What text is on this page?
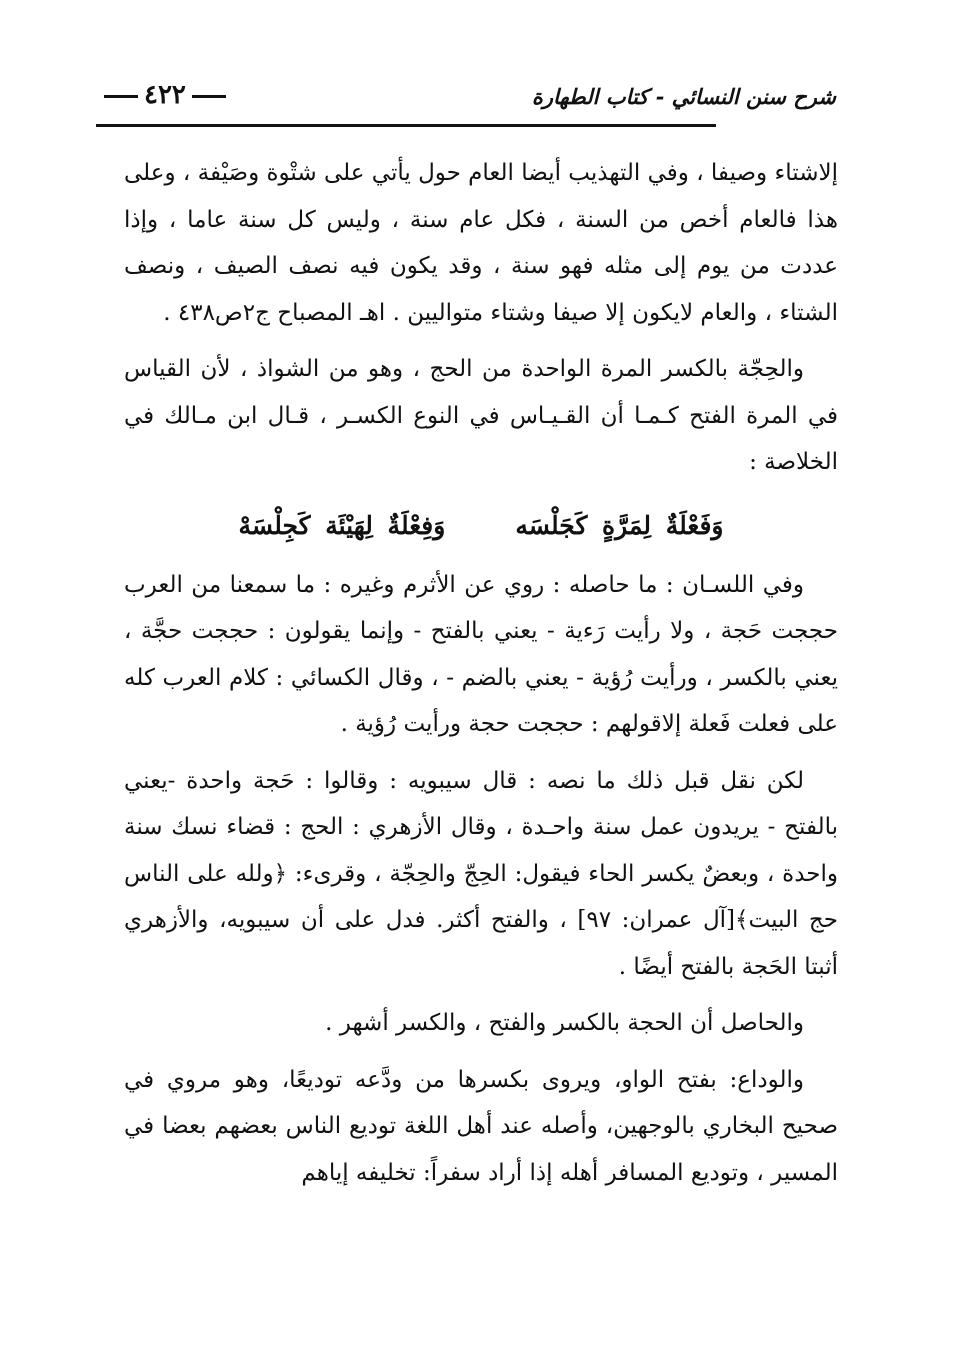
شرح سنن النسائي - كتاب الطهارة
٤٢٢

إلاشتاء وصيفا ، وفي التهذيب أيضا العام حول يأتي على شتْوة وصَيْفة ، وعلى هذا فالعام أخص من السنة ، فكل عام سنة ، وليس كل سنة عاما ، وإذا عددت من يوم إلى مثله فهو سنة ، وقد يكون فيه نصف الصيف ، ونصف الشتاء ، والعام لايكون إلا صيفا وشتاء متواليين . اهـ المصباح ج٢ص٤٣٨ .

والحِجّة بالكسر المرة الواحدة من الحج ، وهو من الشواذ ، لأن القياس في المرة الفتح كـمـا أن القـيـاس في النوع الكسـر ، قـال ابن مـالك في الخلاصة :

وَفَعْلَةٌ لِمَرَّةٍ كَجَلْسَهوَفِعْلَةٌ لِهَيْئَة كَجِلْسَهْ

وفي اللسـان : ما حاصله : روي عن الأثرم وغيره : ما سمعنا من العرب حججت حَجة ، ولا رأيت رَءية - يعني بالفتح - وإنما يقولون : حججت حجَّة ، يعني بالكسر ، ورأيت رُؤية - يعني بالضم - ، وقال الكسائي : كلام العرب كله على فعلت فَعلة إلاقولهم : حججت حجة ورأيت رُؤية .

لكن نقل قبل ذلك ما نصه : قال سيبويه : وقالوا : حَجة واحدة -يعني بالفتح - يريدون عمل سنة واحـدة ، وقال الأزهري : الحج : قضاء نسك سنة واحدة ، وبعضٌ يكسر الحاء فيقول: الحِجّ والحِجّة ، وقرىء: ﴿ولله على الناس حج البيت﴾[آل عمران: ٩٧] ، والفتح أكثر. فدل على أن سيبويه، والأزهري أثبتا الحَجة بالفتح أيضًا .

والحاصل أن الحجة بالكسر والفتح ، والكسر أشهر .

والوداع: بفتح الواو، ويروى بكسرها من ودَّعه توديعًا، وهو مروي في صحيح البخاري بالوجهين، وأصله عند أهل اللغة توديع الناس بعضهم بعضا في المسير ، وتوديع المسافر أهله إذا أراد سفراً: تخليفه إياهم
